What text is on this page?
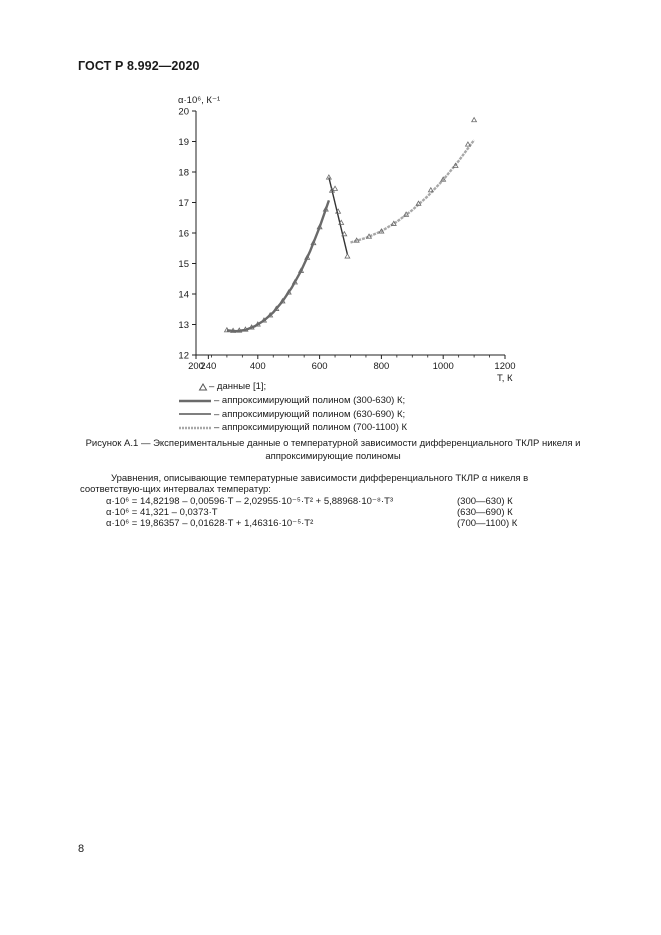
ГОСТ Р 8.992—2020
α·10⁶, К⁻¹
T, К
200
240	400	600	800	1000	1200
12
13
14
15
16
17
18
19
20
– данные [1];
– аппроксимирующий полином (300-630) К;
– аппроксимирующий полином (630-690) К;
– аппроксимирующий полином (700-1100) К
Рисунок А.1 — Экспериментальные данные о температурной зависимости дифференциального ТКЛР никеля и
аппроксимирующие полиномы
Уравнения, описывающие температурные зависимости дифференциального ТКЛР α никеля в соответствую-щих интервалах температур:
α·10⁶ = 14,82198 – 0,00596·T – 2,02955·10⁻⁵·T² + 5,88968·10⁻⁸·T³	(300—630) К
α·10⁶ = 41,321 – 0,0373·T	(630—690) К
α·10⁶ = 19,86357 – 0,01628·T + 1,46316·10⁻⁵·T²	(700—1100) К
8
